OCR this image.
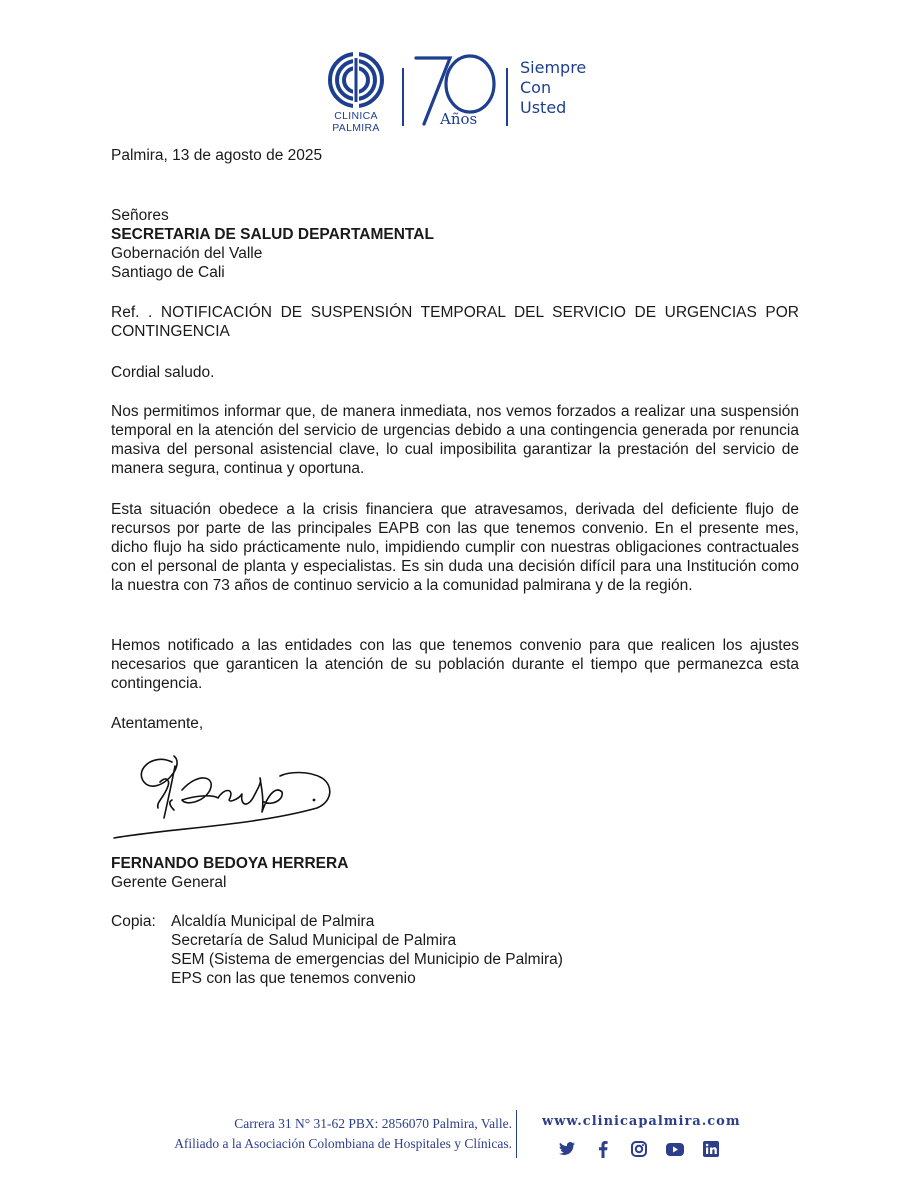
CLINICA
PALMIRA	Años
Siempre
Con
Usted
Palmira, 13 de agosto de 2025
Señores
SECRETARIA DE SALUD DEPARTAMENTAL
Gobernación del Valle
Santiago de Cali
Ref. . NOTIFICACIÓN DE SUSPENSIÓN TEMPORAL DEL SERVICIO DE URGENCIAS POR CONTINGENCIA
Cordial saludo.
Nos permitimos informar que, de manera inmediata, nos vemos forzados a realizar una suspensión temporal en la atención del servicio de urgencias debido a una contingencia generada por renuncia masiva del personal asistencial clave, lo cual imposibilita garantizar la prestación del servicio de manera segura, continua y oportuna.
Esta situación obedece a la crisis financiera que atravesamos, derivada del deficiente flujo de recursos por parte de las principales EAPB con las que tenemos convenio. En el presente mes, dicho flujo ha sido prácticamente nulo, impidiendo cumplir con nuestras obligaciones contractuales con el personal de planta y especialistas. Es sin duda una decisión difícil para una Institución como la nuestra con 73 años de continuo servicio a la comunidad palmirana y de la región.
Hemos notificado a las entidades con las que tenemos convenio para que realicen los ajustes necesarios que garanticen la atención de su población durante el tiempo que permanezca esta contingencia.
Atentamente,
FERNANDO BEDOYA HERRERA
Gerente General
Copia: Alcaldía Municipal de Palmira
Secretaría de Salud Municipal de Palmira
SEM (Sistema de emergencias del Municipio de Palmira)
EPS con las que tenemos convenio
Carrera 31 N° 31-62 PBX: 2856070 Palmira, Valle.
Afiliado a la Asociación Colombiana de Hospitales y Clínicas.
www.clinicapalmira.com
